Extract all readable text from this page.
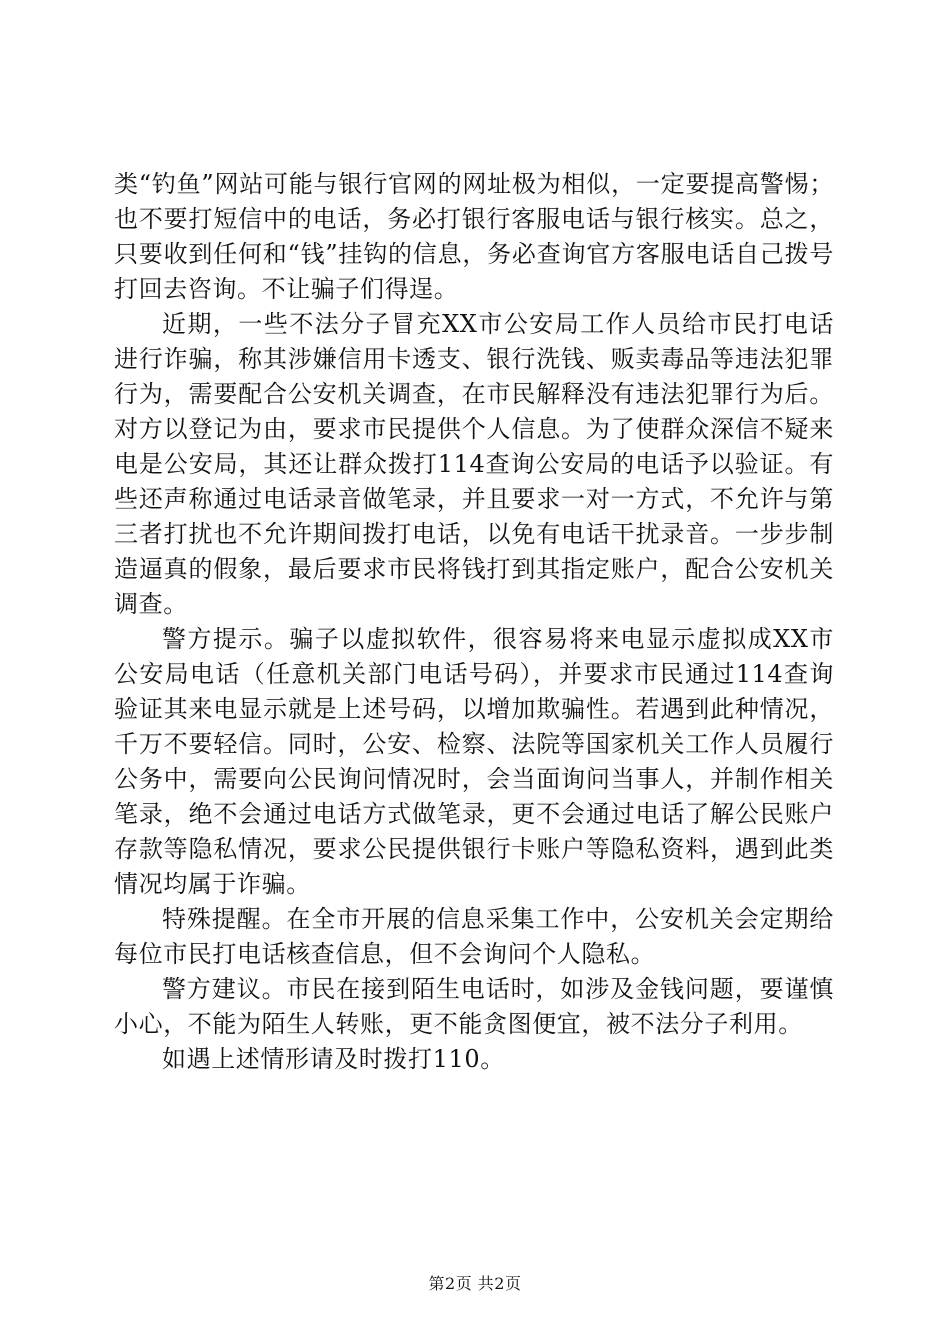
类“钓鱼”网站可能与银行官网的网址极为相似，一定要提高警惕；也不要打短信中的电话，务必打银行客服电话与银行核实。总之，只要收到任何和“钱”挂钩的信息，务必查询官方客服电话自己拨号打回去咨询。不让骗子们得逞。

近期，一些不法分子冒充XX市公安局工作人员给市民打电话进行诈骗，称其涉嫌信用卡透支、银行洗钱、贩卖毒品等违法犯罪行为，需要配合公安机关调查，在市民解释没有违法犯罪行为后。对方以登记为由，要求市民提供个人信息。为了使群众深信不疑来电是公安局，其还让群众拨打114查询公安局的电话予以验证。有些还声称通过电话录音做笔录，并且要求一对一方式，不允许与第三者打扰也不允许期间拨打电话，以免有电话干扰录音。一步步制造逼真的假象，最后要求市民将钱打到其指定账户，配合公安机关调查。

警方提示。骗子以虚拟软件，很容易将来电显示虚拟成XX市公安局电话（任意机关部门电话号码），并要求市民通过114查询验证其来电显示就是上述号码，以增加欺骗性。若遇到此种情况，千万不要轻信。同时，公安、检察、法院等国家机关工作人员履行公务中，需要向公民询问情况时，会当面询问当事人，并制作相关笔录，绝不会通过电话方式做笔录，更不会通过电话了解公民账户存款等隐私情况，要求公民提供银行卡账户等隐私资料，遇到此类情况均属于诈骗。

特殊提醒。在全市开展的信息采集工作中，公安机关会定期给每位市民打电话核查信息，但不会询问个人隐私。

警方建议。市民在接到陌生电话时，如涉及金钱问题，要谨慎小心，不能为陌生人转账，更不能贪图便宜，被不法分子利用。

如遇上述情形请及时拨打110。

第2页 共2页
